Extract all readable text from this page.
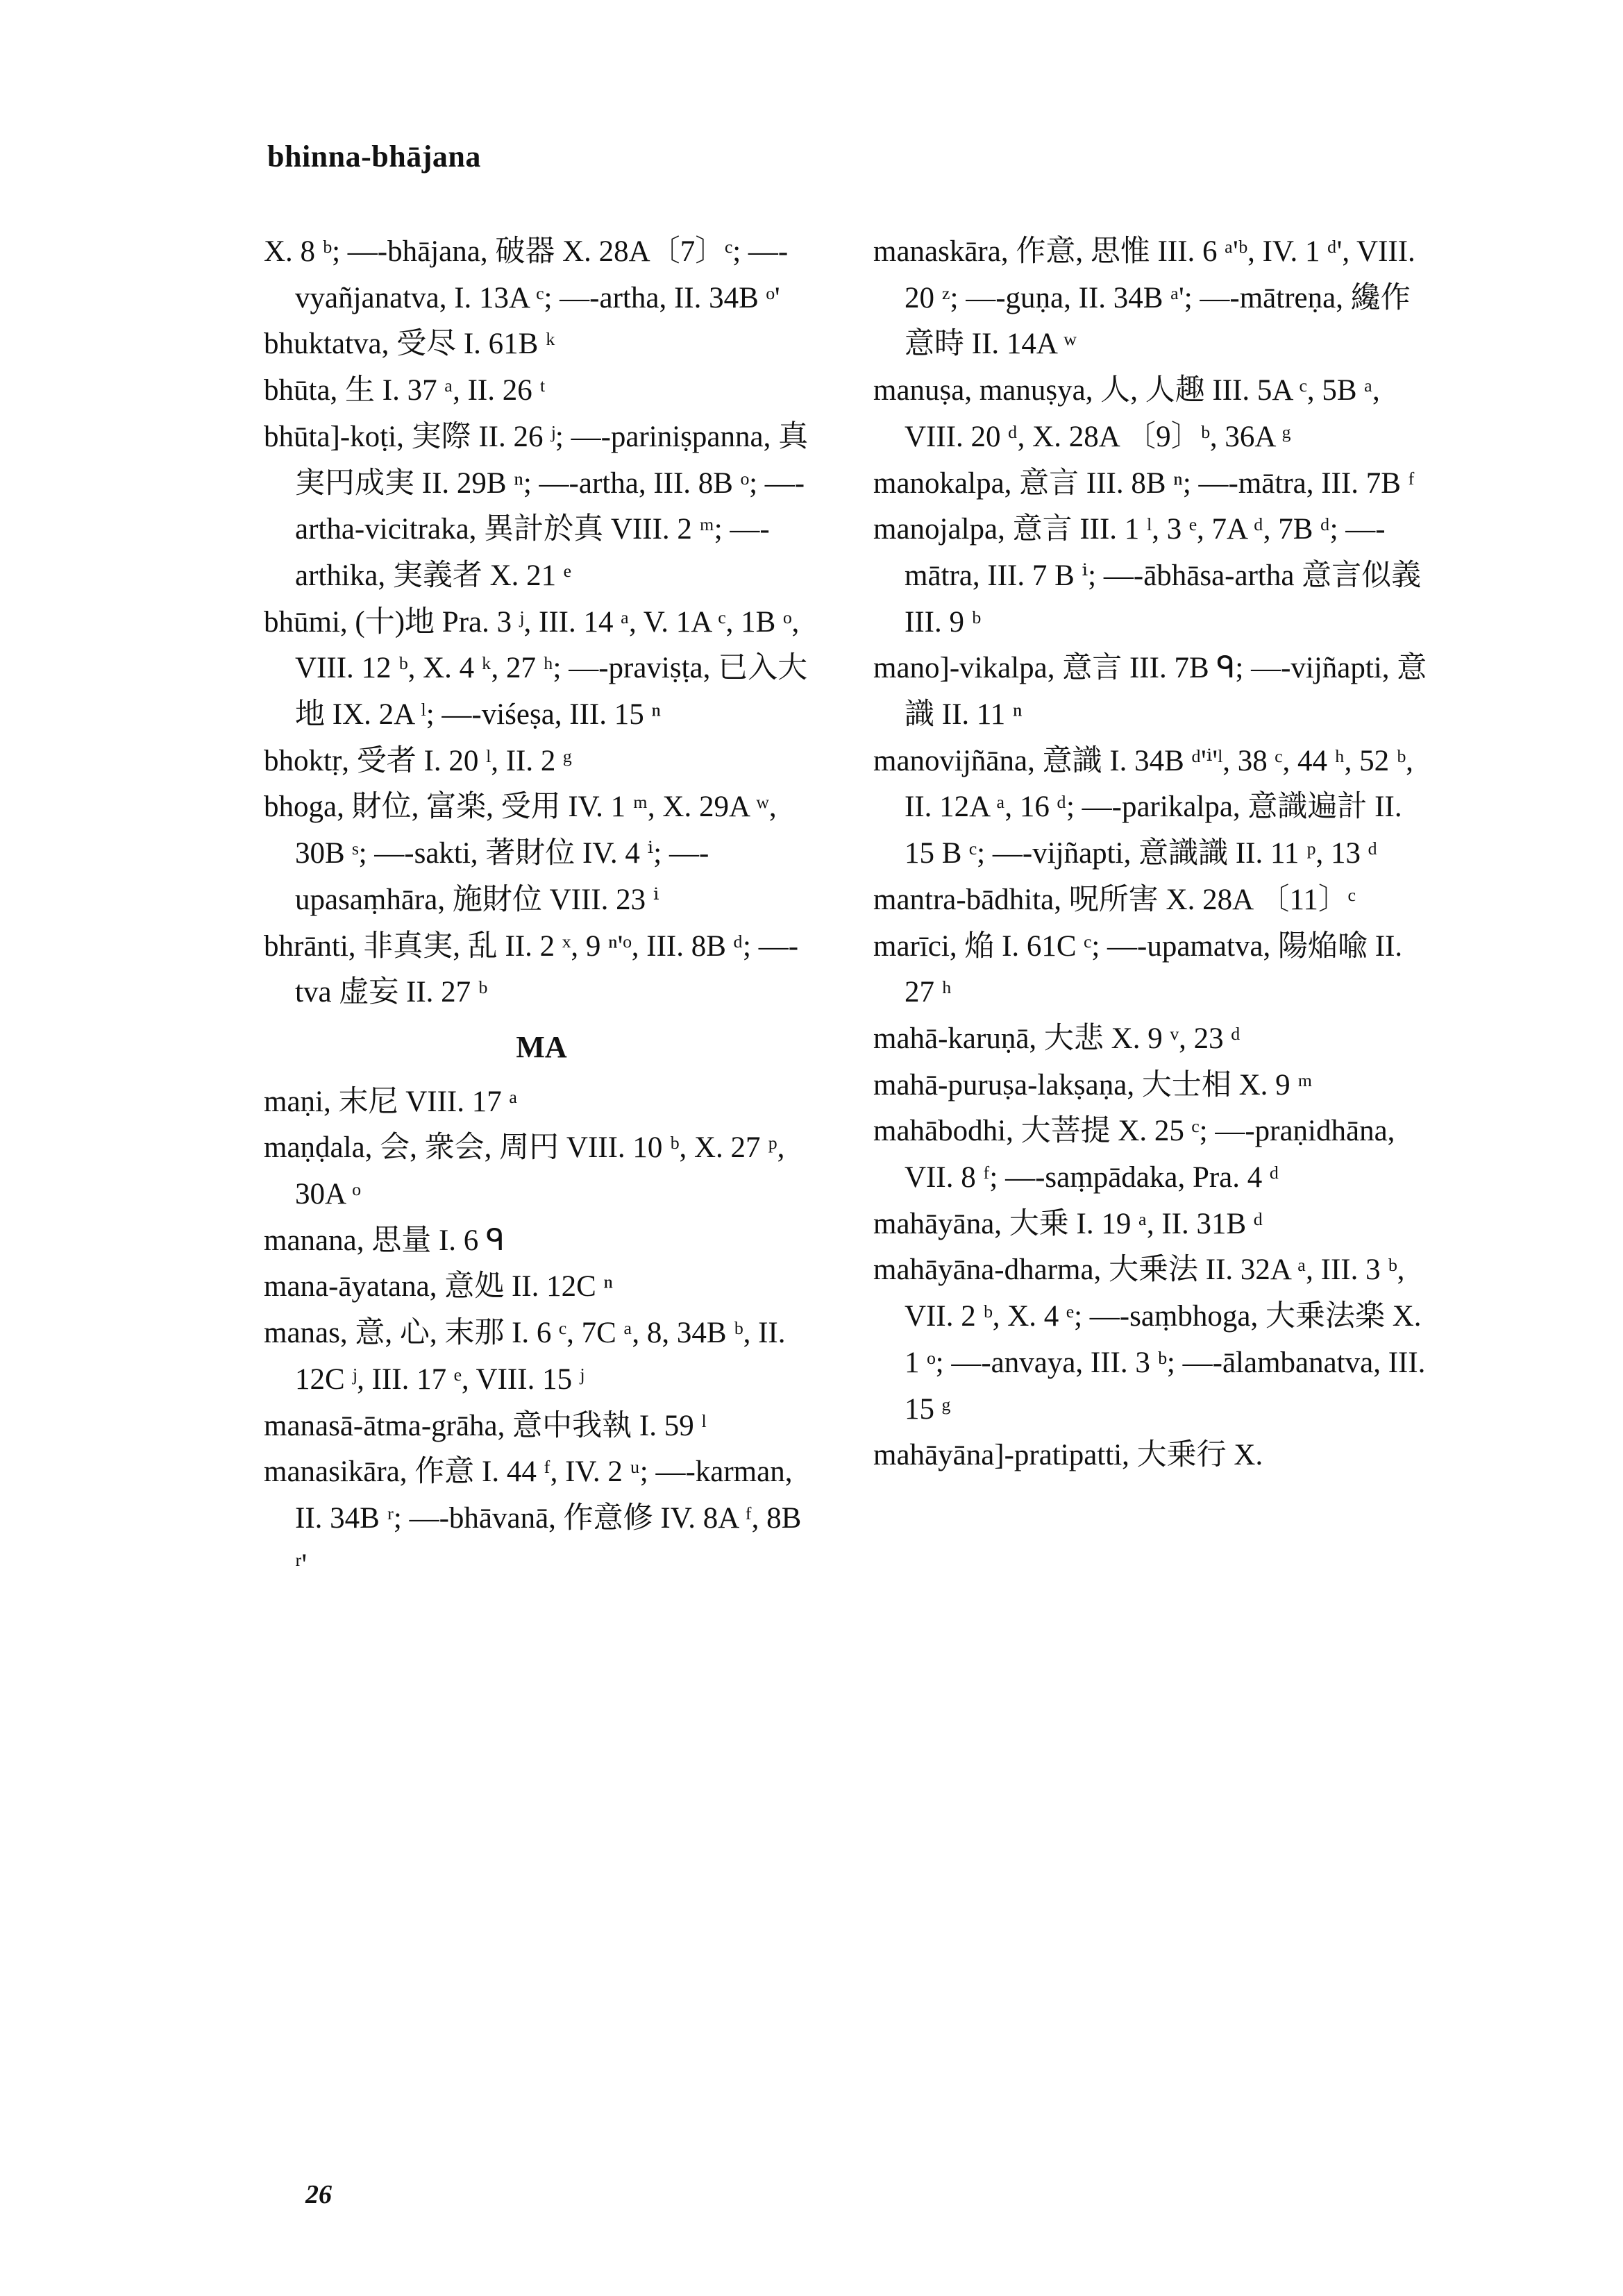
bhinna-bhājana

X. 8 ᵇ; —-bhājana, 破器 X. 28A〔7〕ᶜ; —-vyañjanatva, I. 13A ᶜ; —-artha, II. 34B ᵒ'

bhuktatva, 受尽 I. 61B ᵏ

bhūta, 生 I. 37 ᵃ, II. 26 ᵗ

bhūta]-koṭi, 実際 II. 26 ʲ; —-pariniṣpanna, 真実円成実 II. 29B ⁿ; —-artha, III. 8B ᵒ; —-artha-vicitraka, 異計於真 VIII. 2 ᵐ; —-arthika, 実義者 X. 21 ᵉ

bhūmi, (十)地 Pra. 3 ʲ, III. 14 ᵃ, V. 1A ᶜ, 1B ᵒ, VIII. 12 ᵇ, X. 4 ᵏ, 27 ʰ; —-praviṣṭa, 已入大地 IX. 2A ˡ; —-viśeṣa, III. 15 ⁿ

bhoktṛ, 受者 I. 20 ˡ, II. 2 ᵍ

bhoga, 財位, 富楽, 受用 IV. 1 ᵐ, X. 29A ʷ, 30B ˢ; —-sakti, 著財位 IV. 4 ⁱ; —-upasaṃhāra, 施財位 VIII. 23 ⁱ

bhrānti, 非真実, 乱 II. 2 ˣ, 9 ⁿ'ᵒ, III. 8B ᵈ; —-tva 虚妄 II. 27 ᵇ

MA

maṇi, 末尼 VIII. 17 ᵃ

maṇḍala, 会, 衆会, 周円 VIII. 10 ᵇ, X. 27 ᵖ, 30A ᵒ

manana, 思量 I. 6 ᑫ

mana-āyatana, 意処 II. 12C ⁿ

manas, 意, 心, 末那 I. 6 ᶜ, 7C ᵃ, 8, 34B ᵇ, II. 12C ʲ, III. 17 ᵉ, VIII. 15 ʲ

manasā-ātma-grāha, 意中我執 I. 59 ˡ

manasikāra, 作意 I. 44 ᶠ, IV. 2 ᵘ; —-karman, II. 34B ʳ; —-bhāvanā, 作意修 IV. 8A ᶠ, 8B ʳ'

manaskāra, 作意, 思惟 III. 6 ᵃ'ᵇ, IV. 1 ᵈ', VIII. 20 ᶻ; —-guṇa, II. 34B ᵃ'; —-mātreṇa, 纔作意時 II. 14A ʷ

manuṣa, manuṣya, 人, 人趣 III. 5A ᶜ, 5B ᵃ, VIII. 20 ᵈ, X. 28A 〔9〕ᵇ, 36A ᵍ

manokalpa, 意言 III. 8B ⁿ; —-mātra, III. 7B ᶠ

manojalpa, 意言 III. 1 ˡ, 3 ᵉ, 7A ᵈ, 7B ᵈ; —-mātra, III. 7 B ⁱ; —-ābhāsa-artha 意言似義 III. 9 ᵇ

mano]-vikalpa, 意言 III. 7B ᑫ; —-vijñapti, 意識 II. 11 ⁿ

manovijñāna, 意識 I. 34B ᵈ'ⁱ'ˡ, 38 ᶜ, 44 ʰ, 52 ᵇ, II. 12A ᵃ, 16 ᵈ; —-parikalpa, 意識遍計 II. 15 B ᶜ; —-vijñapti, 意識識 II. 11 ᵖ, 13 ᵈ

mantra-bādhita, 呪所害 X. 28A 〔11〕ᶜ

marīci, 焔 I. 61C ᶜ; —-upamatva, 陽焔喩 II. 27 ʰ

mahā-karuṇā, 大悲 X. 9 ᵛ, 23 ᵈ

mahā-puruṣa-lakṣaṇa, 大士相 X. 9 ᵐ

mahābodhi, 大菩提 X. 25 ᶜ; —-praṇidhāna, VII. 8 ᶠ; —-saṃpādaka, Pra. 4 ᵈ

mahāyāna, 大乗 I. 19 ᵃ, II. 31B ᵈ

mahāyāna-dharma, 大乗法 II. 32A ᵃ, III. 3 ᵇ, VII. 2 ᵇ, X. 4 ᵉ; —-saṃbhoga, 大乗法楽 X. 1 ᵒ; —-anvaya, III. 3 ᵇ; —-ālambanatva, III. 15 ᵍ

mahāyāna]-pratipatti, 大乗行 X.

26
